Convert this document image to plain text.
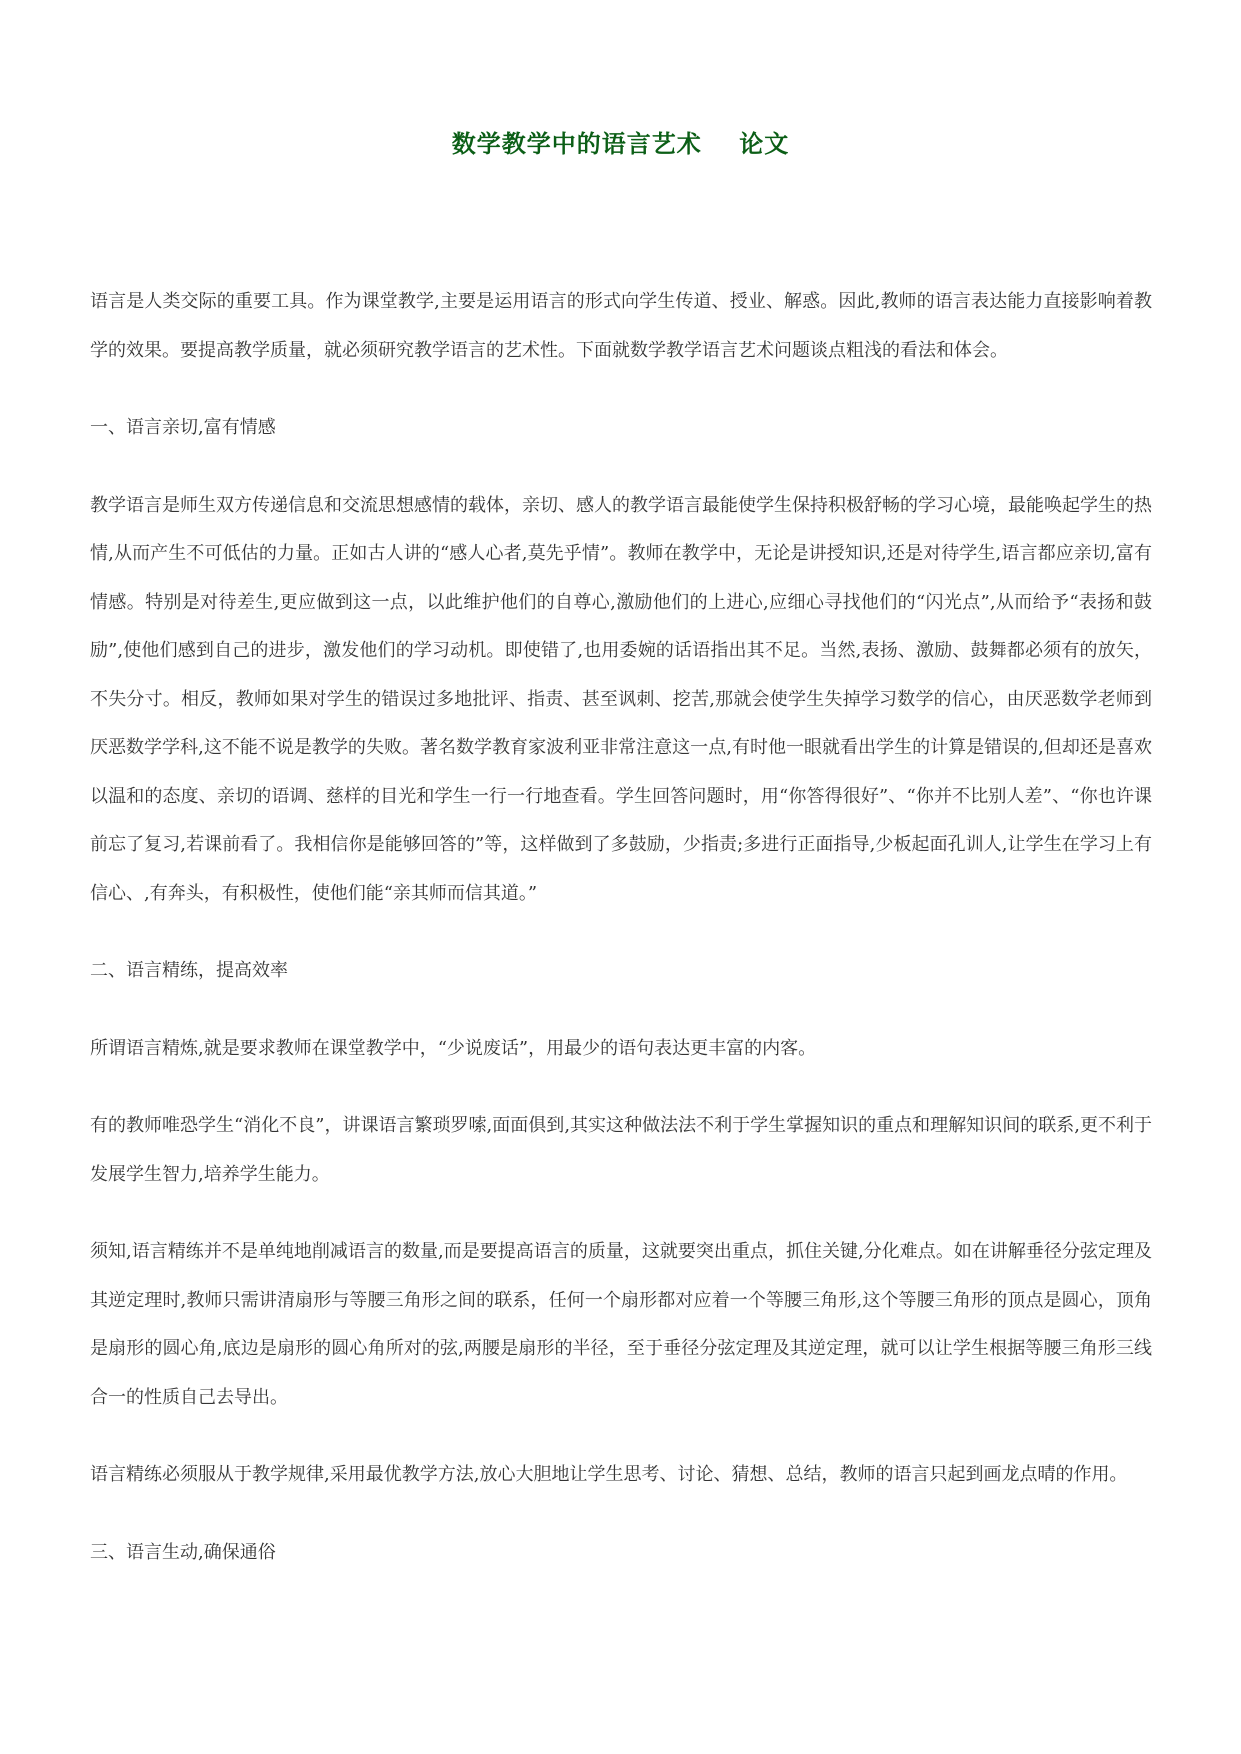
数学教学中的语言艺术    论文

语言是人类交际的重要工具。作为课堂教学,主要是运用语言的形式向学生传道、授业、解惑。因此,教师的语言表达能力直接影响着教学的效果。要提高教学质量，就必须研究教学语言的艺术性。下面就数学教学语言艺术问题谈点粗浅的看法和体会。

一、语言亲切,富有情感

教学语言是师生双方传递信息和交流思想感情的载体，亲切、感人的教学语言最能使学生保持积极舒畅的学习心境，最能唤起学生的热情,从而产生不可低估的力量。正如古人讲的“感人心者,莫先乎情”。教师在教学中，无论是讲授知识,还是对待学生,语言都应亲切,富有情感。特别是对待差生,更应做到这一点，以此维护他们的自尊心,激励他们的上进心,应细心寻找他们的“闪光点”,从而给予“表扬和鼓励”,使他们感到自己的进步，激发他们的学习动机。即使错了,也用委婉的话语指出其不足。当然,表扬、激励、鼓舞都必须有的放矢，不失分寸。相反，教师如果对学生的错误过多地批评、指责、甚至讽刺、挖苦,那就会使学生失掉学习数学的信心，由厌恶数学老师到厌恶数学学科,这不能不说是教学的失败。著名数学教育家波利亚非常注意这一点,有时他一眼就看出学生的计算是错误的,但却还是喜欢以温和的态度、亲切的语调、慈样的目光和学生一行一行地查看。学生回答问题时，用“你答得很好”、“你并不比别人差”、“你也许课前忘了复习,若课前看了。我相信你是能够回答的”等，这样做到了多鼓励，少指责;多进行正面指导,少板起面孔训人,让学生在学习上有信心、,有奔头，有积极性，使他们能“亲其师而信其道。”

二、语言精练，提高效率

所谓语言精炼,就是要求教师在课堂教学中，“少说废话”，用最少的语句表达更丰富的内客。

有的教师唯恐学生“消化不良”，讲课语言繁琐罗嗦,面面俱到,其实这种做法法不利于学生掌握知识的重点和理解知识间的联系,更不利于发展学生智力,培养学生能力。

须知,语言精练并不是单纯地削减语言的数量,而是要提高语言的质量，这就要突出重点，抓住关键,分化难点。如在讲解垂径分弦定理及其逆定理时,教师只需讲清扇形与等腰三角形之间的联系，任何一个扇形都对应着一个等腰三角形,这个等腰三角形的顶点是圆心，顶角是扇形的圆心角,底边是扇形的圆心角所对的弦,两腰是扇形的半径，至于垂径分弦定理及其逆定理，就可以让学生根据等腰三角形三线合一的性质自己去导出。

语言精练必须服从于教学规律,采用最优教学方法,放心大胆地让学生思考、讨论、猜想、总结，教师的语言只起到画龙点晴的作用。

三、语言生动,确保通俗
